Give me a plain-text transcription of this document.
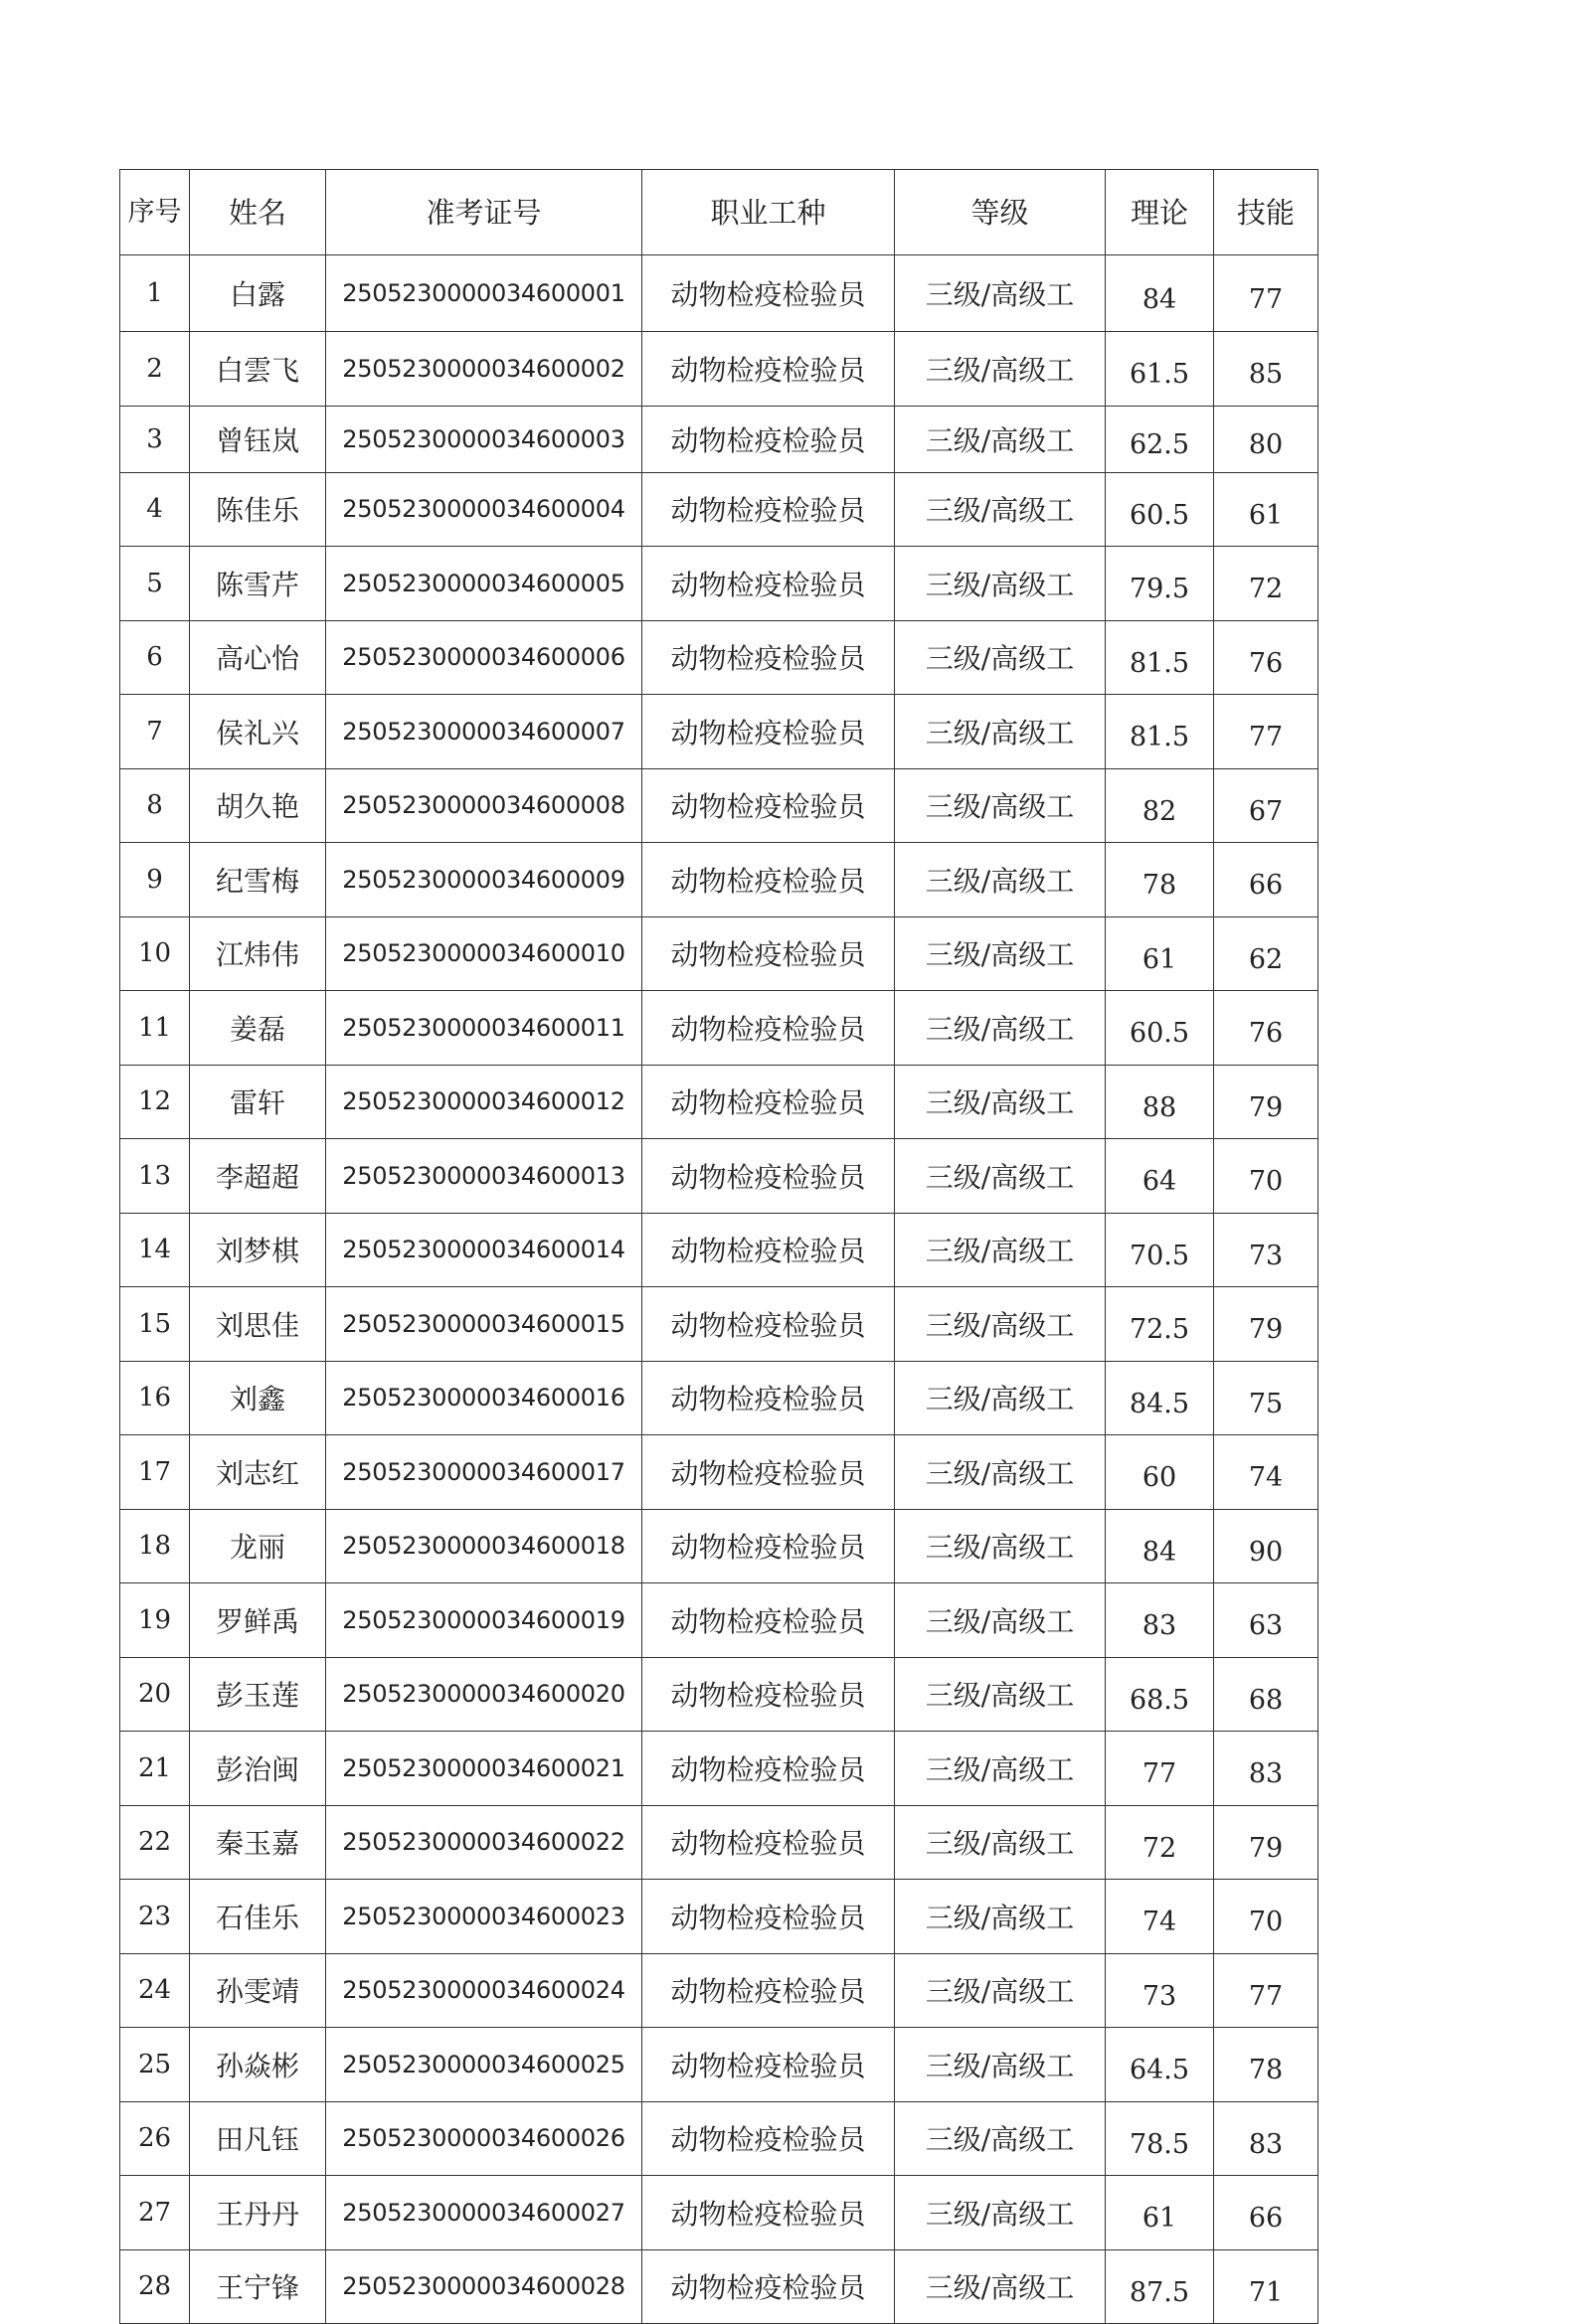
序号	姓名	准考证号	职业工种	等级	理论	技能
1	白露	2505230000034600001	动物检疫检验员	三级/高级工	84	77
2	白雲飞	2505230000034600002	动物检疫检验员	三级/高级工	61.5	85
3	曾钰岚	2505230000034600003	动物检疫检验员	三级/高级工	62.5	80
4	陈佳乐	2505230000034600004	动物检疫检验员	三级/高级工	60.5	61
5	陈雪芹	2505230000034600005	动物检疫检验员	三级/高级工	79.5	72
6	高心怡	2505230000034600006	动物检疫检验员	三级/高级工	81.5	76
7	侯礼兴	2505230000034600007	动物检疫检验员	三级/高级工	81.5	77
8	胡久艳	2505230000034600008	动物检疫检验员	三级/高级工	82	67
9	纪雪梅	2505230000034600009	动物检疫检验员	三级/高级工	78	66
10	江炜伟	2505230000034600010	动物检疫检验员	三级/高级工	61	62
11	姜磊	2505230000034600011	动物检疫检验员	三级/高级工	60.5	76
12	雷轩	2505230000034600012	动物检疫检验员	三级/高级工	88	79
13	李超超	2505230000034600013	动物检疫检验员	三级/高级工	64	70
14	刘梦棋	2505230000034600014	动物检疫检验员	三级/高级工	70.5	73
15	刘思佳	2505230000034600015	动物检疫检验员	三级/高级工	72.5	79
16	刘鑫	2505230000034600016	动物检疫检验员	三级/高级工	84.5	75
17	刘志红	2505230000034600017	动物检疫检验员	三级/高级工	60	74
18	龙丽	2505230000034600018	动物检疫检验员	三级/高级工	84	90
19	罗鲜禹	2505230000034600019	动物检疫检验员	三级/高级工	83	63
20	彭玉莲	2505230000034600020	动物检疫检验员	三级/高级工	68.5	68
21	彭治闽	2505230000034600021	动物检疫检验员	三级/高级工	77	83
22	秦玉嘉	2505230000034600022	动物检疫检验员	三级/高级工	72	79
23	石佳乐	2505230000034600023	动物检疫检验员	三级/高级工	74	70
24	孙雯靖	2505230000034600024	动物检疫检验员	三级/高级工	73	77
25	孙焱彬	2505230000034600025	动物检疫检验员	三级/高级工	64.5	78
26	田凡钰	2505230000034600026	动物检疫检验员	三级/高级工	78.5	83
27	王丹丹	2505230000034600027	动物检疫检验员	三级/高级工	61	66
28	王宁锋	2505230000034600028	动物检疫检验员	三级/高级工	87.5	71
